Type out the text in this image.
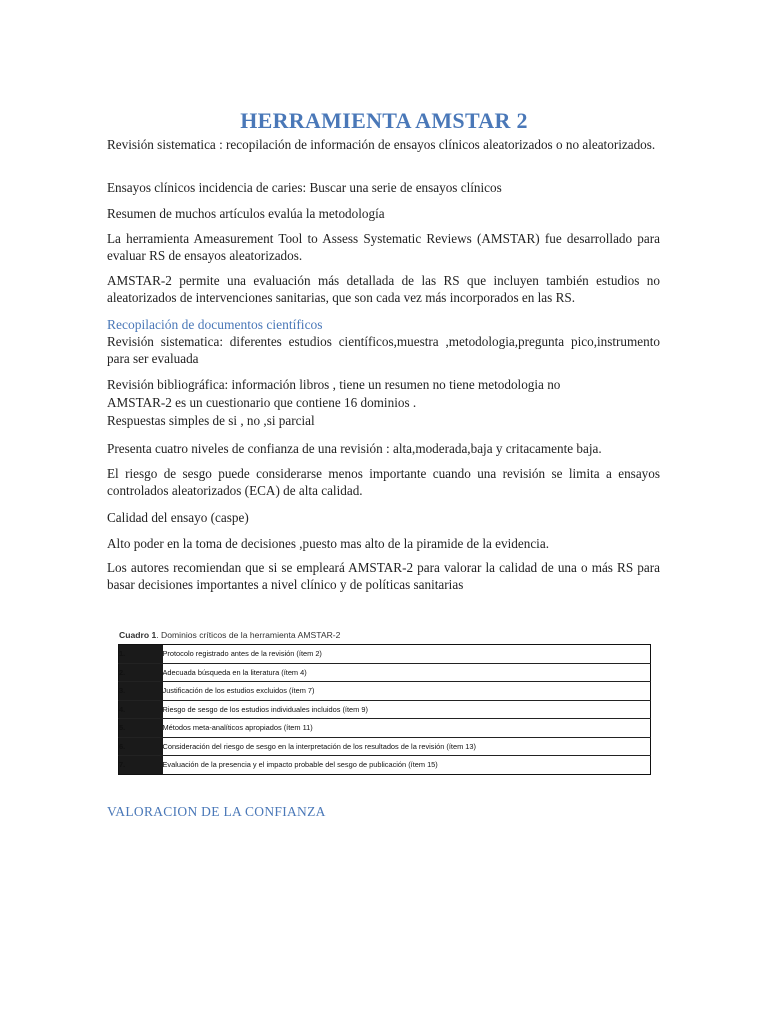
HERRAMIENTA AMSTAR 2

Revisión sistematica : recopilación de información de ensayos clínicos aleatorizados o no aleatorizados.

Ensayos clínicos incidencia de caries: Buscar una serie de ensayos clínicos

Resumen de muchos artículos evalúa la metodología

La herramienta Ameasurement Tool to Assess Systematic Reviews (AMSTAR) fue desarrollado para evaluar RS de ensayos aleatorizados.

AMSTAR-2 permite una evaluación más detallada de las RS que incluyen también estudios no aleatorizados de intervenciones sanitarias, que son cada vez más incorporados en las RS.

Recopilación de documentos científicos

Revisión sistematica: diferentes estudios científicos,muestra ,metodologia,pregunta pico,instrumento para ser evaluada

Revisión bibliográfica: información libros , tiene un resumen no tiene metodologia no

AMSTAR-2 es un cuestionario que contiene 16 dominios .

Respuestas simples de si , no ,si parcial

Presenta cuatro niveles de confianza de una revisión : alta,moderada,baja y critacamente baja.

El riesgo de sesgo puede considerarse menos importante cuando una revisión se limita a ensayos controlados aleatorizados (ECA) de alta calidad.

Calidad del ensayo (caspe)

Alto poder en la toma de decisiones ,puesto mas alto de la piramide de la evidencia.

Los autores recomiendan que si se empleará AMSTAR-2 para valorar la calidad de una o más RS para basar decisiones importantes a nivel clínico y de políticas sanitarias

Cuadro 1. Dominios críticos de la herramienta AMSTAR-2

1.	Protocolo registrado antes de la revisión (ítem 2)
2.	Adecuada búsqueda en la literatura (ítem 4)
3.	Justificación de los estudios excluidos (ítem 7)
4.	Riesgo de sesgo de los estudios individuales incluidos (ítem 9)
5.	Métodos meta-analíticos apropiados (ítem 11)
6.	Consideración del riesgo de sesgo en la interpretación de los resultados de la revisión (ítem 13)
7.	Evaluación de la presencia y el impacto probable del sesgo de publicación (ítem 15)
VALORACION DE LA CONFIANZA
